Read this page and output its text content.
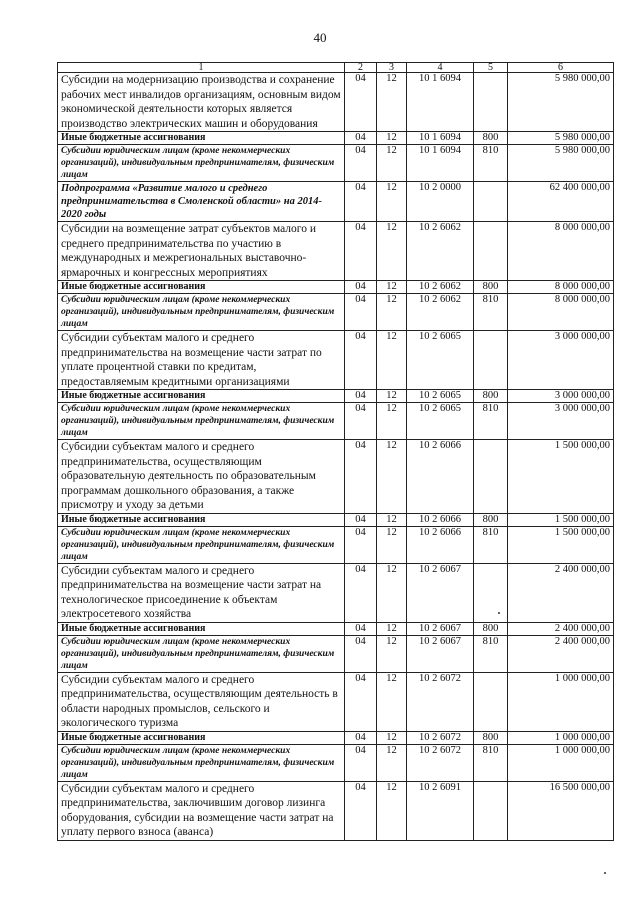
40
1	2	3	4	5	6
Субсидии на модернизацию производства и сохранение рабочих мест инвалидов организациям, основным видом экономической деятельности которых является производство электрических машин и оборудования	04	12	10 1 6094		5 980 000,00
Иные бюджетные ассигнования	04	12	10 1 6094	800	5 980 000,00
Субсидии юридическим лицам (кроме некоммерческих организаций), индивидуальным предпринимателям, физическим лицам	04	12	10 1 6094	810	5 980 000,00
Подпрограмма «Развитие малого и среднего предпринимательства в Смоленской области» на 2014-2020 годы	04	12	10 2 0000		62 400 000,00
Субсидии на возмещение затрат субъектов малого и среднего предпринимательства по участию в международных и межрегиональных выставочно-ярмарочных и конгрессных мероприятиях	04	12	10 2 6062		8 000 000,00
Иные бюджетные ассигнования	04	12	10 2 6062	800	8 000 000,00
Субсидии юридическим лицам (кроме некоммерческих организаций), индивидуальным предпринимателям, физическим лицам	04	12	10 2 6062	810	8 000 000,00
Субсидии субъектам малого и среднего предпринимательства на возмещение части затрат по уплате процентной ставки по кредитам, предоставляемым кредитными организациями	04	12	10 2 6065		3 000 000,00
Иные бюджетные ассигнования	04	12	10 2 6065	800	3 000 000,00
Субсидии юридическим лицам (кроме некоммерческих организаций), индивидуальным предпринимателям, физическим лицам	04	12	10 2 6065	810	3 000 000,00
Субсидии субъектам малого и среднего предпринимательства, осуществляющим образовательную деятельность по образовательным программам дошкольного образования, а также присмотру и уходу за детьми	04	12	10 2 6066		1 500 000,00
Иные бюджетные ассигнования	04	12	10 2 6066	800	1 500 000,00
Субсидии юридическим лицам (кроме некоммерческих организаций), индивидуальным предпринимателям, физическим лицам	04	12	10 2 6066	810	1 500 000,00
Субсидии субъектам малого и среднего предпринимательства на возмещение части затрат на технологическое присоединение к объектам электросетевого хозяйства	04	12	10 2 6067		2 400 000,00
Иные бюджетные ассигнования	04	12	10 2 6067	800	2 400 000,00
Субсидии юридическим лицам (кроме некоммерческих организаций), индивидуальным предпринимателям, физическим лицам	04	12	10 2 6067	810	2 400 000,00
Субсидии субъектам малого и среднего предпринимательства, осуществляющим деятельность в области народных промыслов, сельского и экологического туризма	04	12	10 2 6072		1 000 000,00
Иные бюджетные ассигнования	04	12	10 2 6072	800	1 000 000,00
Субсидии юридическим лицам (кроме некоммерческих организаций), индивидуальным предпринимателям, физическим лицам	04	12	10 2 6072	810	1 000 000,00
Субсидии субъектам малого и среднего предпринимательства, заключившим договор лизинга оборудования, субсидии на возмещение части затрат на уплату первого взноса (аванса)	04	12	10 2 6091		16 500 000,00
